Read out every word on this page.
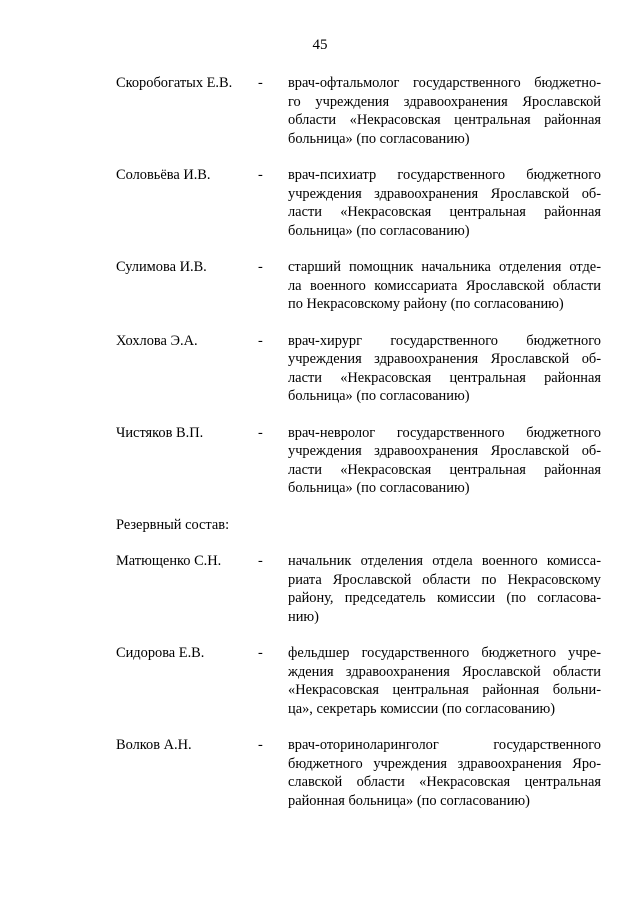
45
Скоробогатых Е.В. - врач-офтальмолог государственного бюджетно-
го учреждения здравоохранения Ярославской
области «Некрасовская центральная районная
больница» (по согласованию)
Соловьёва И.В.	- врач-психиатр государственного бюджетного
учреждения здравоохранения Ярославской об-
ласти «Некрасовская центральная районная
больница» (по согласованию)
Сулимова И.В.	- старший помощник начальника отделения отде-
ла военного комиссариата Ярославской области
по Некрасовскому району (по согласованию)
Хохлова Э.А.	- врач-хирург государственного бюджетного
учреждения здравоохранения Ярославской об-
ласти «Некрасовская центральная районная
больница» (по согласованию)
Чистяков В.П.	- врач-невролог государственного бюджетного
учреждения здравоохранения Ярославской об-
ласти «Некрасовская центральная районная
больница» (по согласованию)
Резервный состав:
Матющенко С.Н.	- начальник отделения отдела военного комисса-
риата Ярославской области по Некрасовскому
району, председатель комиссии (по согласова-
нию)
Сидорова Е.В.	- фельдшер государственного бюджетного учре-
ждения здравоохранения Ярославской области
«Некрасовская центральная районная больни-
ца», секретарь комиссии (по согласованию)
Волков А.Н.	- врач-оториноларинголог государственного
бюджетного учреждения здравоохранения Яро-
славской области «Некрасовская центральная
районная больница» (по согласованию)
